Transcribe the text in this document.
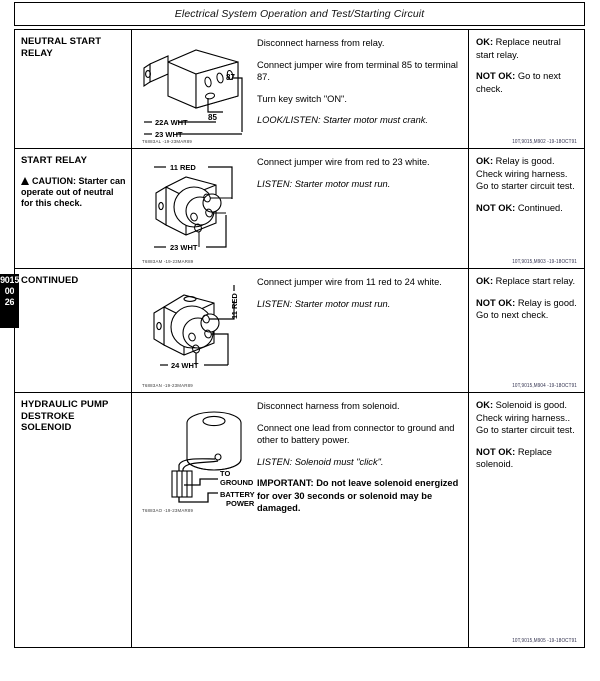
Electrical System Operation and Test/Starting Circuit
9015
00
26
NEUTRAL START RELAY
87
85
22A WHT
23 WHT

Disconnect harness from relay.

Connect jumper wire from terminal 85 to terminal 87.

Turn key switch "ON".

LOOK/LISTEN: Starter motor must crank.

T6883AL -19-23MAR89

OK: Replace neutral start relay.

NOT OK: Go to next check.

10T,9015,M902 -19-18OCT91
START RELAY
CAUTION: Starter can operate out of neutral for this check.
11 RED
23 WHT

Connect jumper wire from red to 23 white.

LISTEN: Starter motor must run.

T6883AM -19-23MAR89

OK: Relay is good. Check wiring harness. Go to starter circuit test.

NOT OK: Continued.

10T,9015,M903 -19-18OCT91
CONTINUED
11 RED
24 WHT

Connect jumper wire from 11 red to 24 white.

LISTEN: Starter motor must run.

T6883AN -19-23MAR89

OK: Replace start relay.

NOT OK: Relay is good. Go to next check.

10T,9015,M904 -19-18OCT91
HYDRAULIC PUMP DESTROKE SOLENOID
TO
GROUND
BATTERY
POWER
T6883AO -19-23MAR89

Disconnect harness from solenoid.

Connect one lead from connector to ground and other to battery power.

LISTEN: Solenoid must "click".

IMPORTANT: Do not leave solenoid energized for over 30 seconds or solenoid may be damaged.

OK: Solenoid is good. Check wiring harness.. Go to starter circuit test.

NOT OK: Replace solenoid.

10T,9015,M905 -19-18OCT91
